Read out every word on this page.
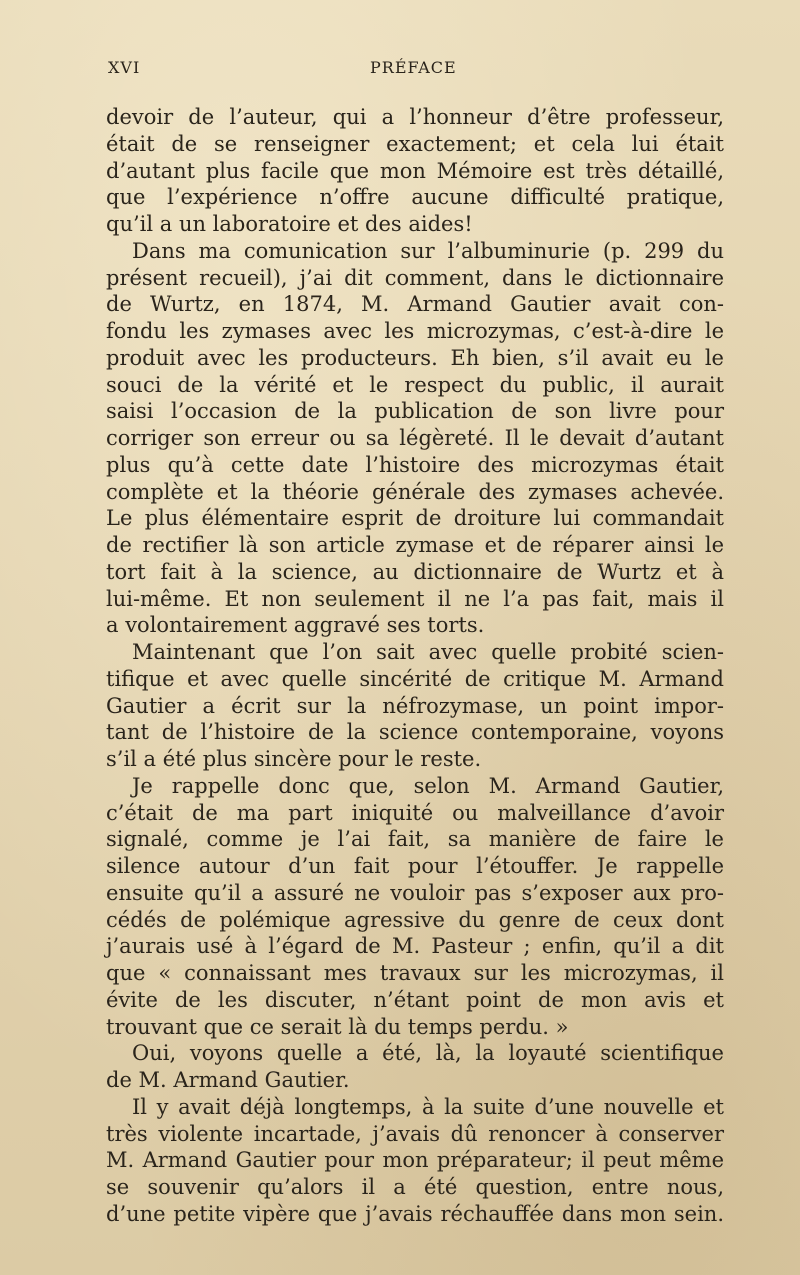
XVI	PRÉFACE
devoir de l’auteur, qui a l’honneur d’être professeur,
était de se renseigner exactement; et cela lui était
d’autant plus facile que mon Mémoire est très détaillé,
que l’expérience n’offre aucune difficulté pratique,
qu’il a un laboratoire et des aides!
Dans ma comunication sur l’albuminurie (p. 299 du
présent recueil), j’ai dit comment, dans le dictionnaire
de Wurtz, en 1874, M. Armand Gautier avait con-
fondu les zymases avec les microzymas, c’est-à-dire le
produit avec les producteurs. Eh bien, s’il avait eu le
souci de la vérité et le respect du public, il aurait
saisi l’occasion de la publication de son livre pour
corriger son erreur ou sa légèreté. Il le devait d’autant
plus qu’à cette date l’histoire des microzymas était
complète et la théorie générale des zymases achevée.
Le plus élémentaire esprit de droiture lui commandait
de rectifier là son article zymase et de réparer ainsi le
tort fait à la science, au dictionnaire de Wurtz et à
lui-même. Et non seulement il ne l’a pas fait, mais il
a volontairement aggravé ses torts.
Maintenant que l’on sait avec quelle probité scien-
tifique et avec quelle sincérité de critique M. Armand
Gautier a écrit sur la néfrozymase, un point impor-
tant de l’histoire de la science contemporaine, voyons
s’il a été plus sincère pour le reste.
Je rappelle donc que, selon M. Armand Gautier,
c’était de ma part iniquité ou malveillance d’avoir
signalé, comme je l’ai fait, sa manière de faire le
silence autour d’un fait pour l’étouffer. Je rappelle
ensuite qu’il a assuré ne vouloir pas s’exposer aux pro-
cédés de polémique agressive du genre de ceux dont
j’aurais usé à l’égard de M. Pasteur ; enfin, qu’il a dit
que « connaissant mes travaux sur les microzymas, il
évite de les discuter, n’étant point de mon avis et
trouvant que ce serait là du temps perdu. »
Oui, voyons quelle a été, là, la loyauté scientifique
de M. Armand Gautier.
Il y avait déjà longtemps, à la suite d’une nouvelle et
très violente incartade, j’avais dû renoncer à conserver
M. Armand Gautier pour mon préparateur; il peut même
se souvenir qu’alors il a été question, entre nous,
d’une petite vipère que j’avais réchauffée dans mon sein.
